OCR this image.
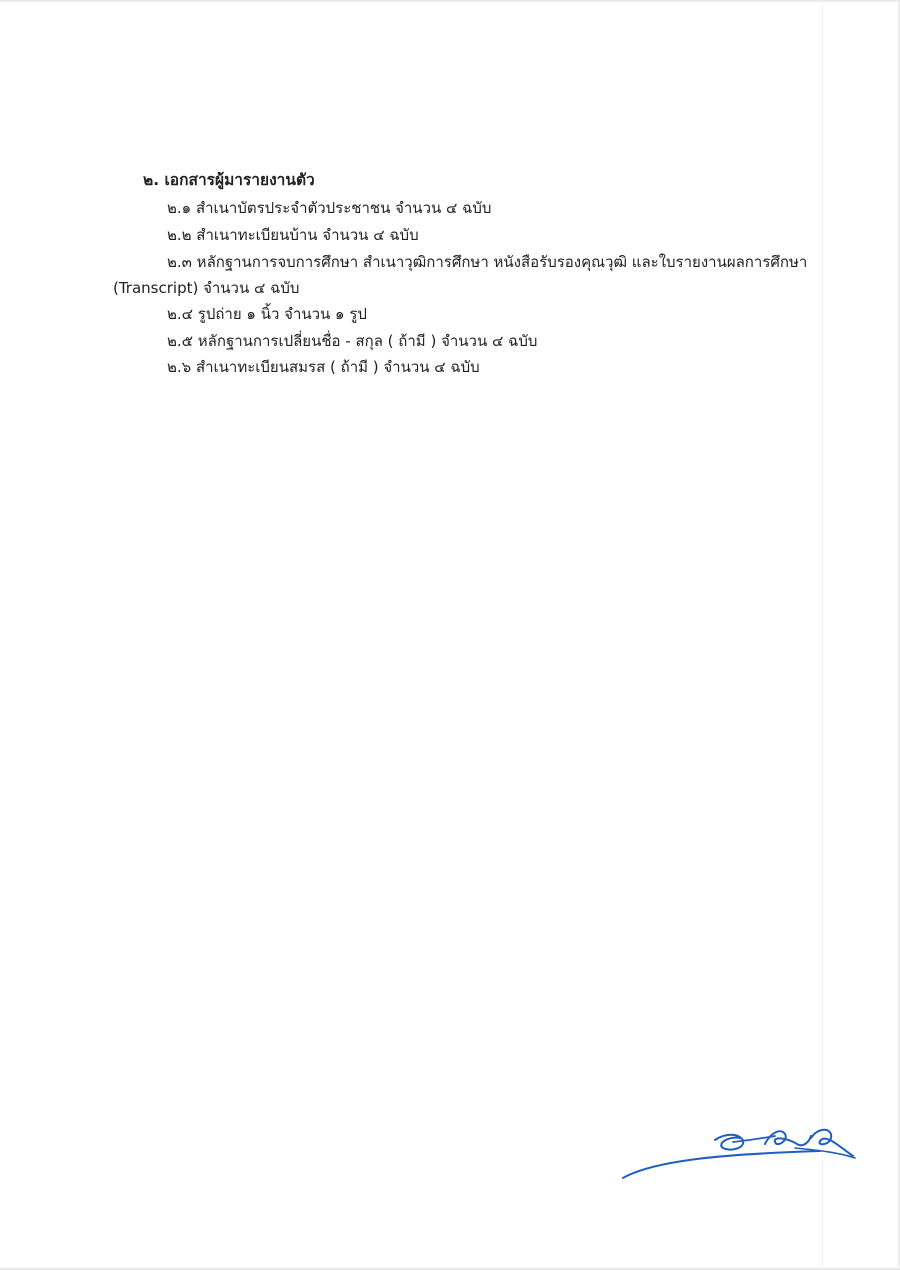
๒. เอกสารผู้มารายงานตัว
๒.๑ สำเนาบัตรประจำตัวประชาชน จำนวน ๔ ฉบับ
๒.๒ สำเนาทะเบียนบ้าน จำนวน ๔ ฉบับ
๒.๓ หลักฐานการจบการศึกษา สำเนาวุฒิการศึกษา หนังสือรับรองคุณวุฒิ และใบรายงานผลการศึกษา
(Transcript) จำนวน ๔ ฉบับ
๒.๔ รูปถ่าย ๑ นิ้ว จำนวน ๑ รูป
๒.๕ หลักฐานการเปลี่ยนชื่อ - สกุล ( ถ้ามี ) จำนวน ๔ ฉบับ
๒.๖ สำเนาทะเบียนสมรส ( ถ้ามี ) จำนวน ๔ ฉบับ
